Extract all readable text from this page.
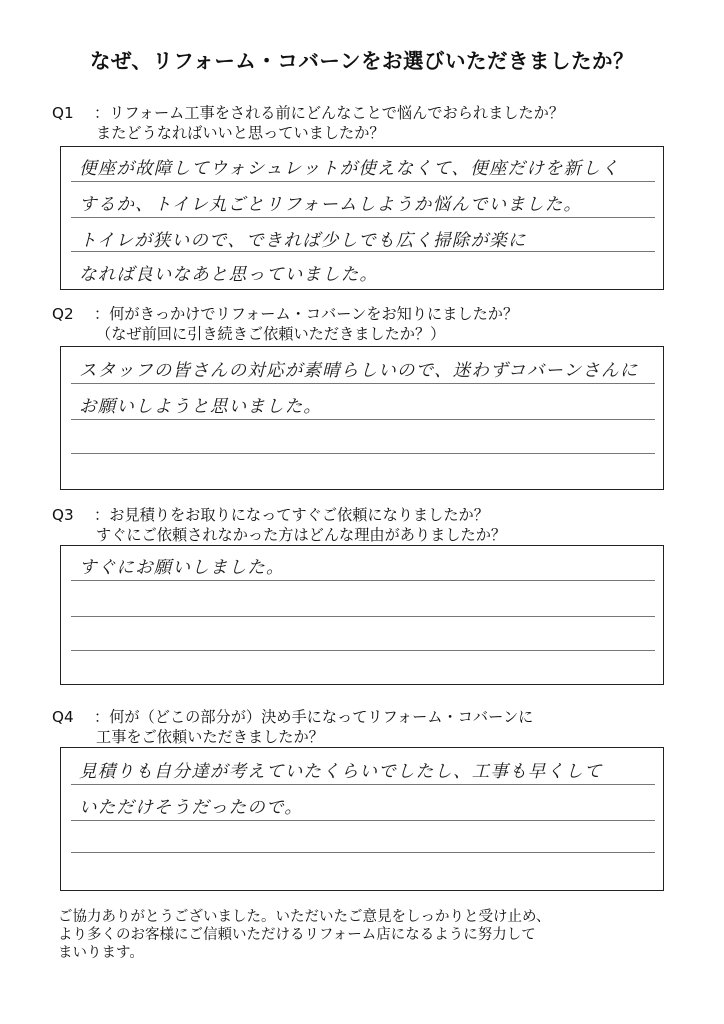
なぜ、リフォーム・コバーンをお選びいただきましたか？
Q1 ：リフォーム工事をされる前にどんなことで悩んでおられましたか？
またどうなればいいと思っていましたか？
便座が故障してウォシュレットが使えなくて、便座だけを新しく
するか、トイレ丸ごとリフォームしようか悩んでいました。
トイレが狭いので、できれば少しでも広く掃除が楽に
なれば良いなあと思っていました。
Q2 ：何がきっかけでリフォーム・コバーンをお知りにましたか？
（なぜ前回に引き続きご依頼いただきましたか？）
スタッフの皆さんの対応が素晴らしいので、迷わずコバーンさんに
お願いしようと思いました。
Q3 ：お見積りをお取りになってすぐご依頼になりましたか？
すぐにご依頼されなかった方はどんな理由がありましたか？
すぐにお願いしました。
Q4 ：何が（どこの部分が）決め手になってリフォーム・コバーンに
工事をご依頼いただきましたか？
見積りも自分達が考えていたくらいでしたし、工事も早くして
いただけそうだったので。
ご協力ありがとうございました。いただいたご意見をしっかりと受け止め、
より多くのお客様にご信頼いただけるリフォーム店になるように努力して
まいります。
